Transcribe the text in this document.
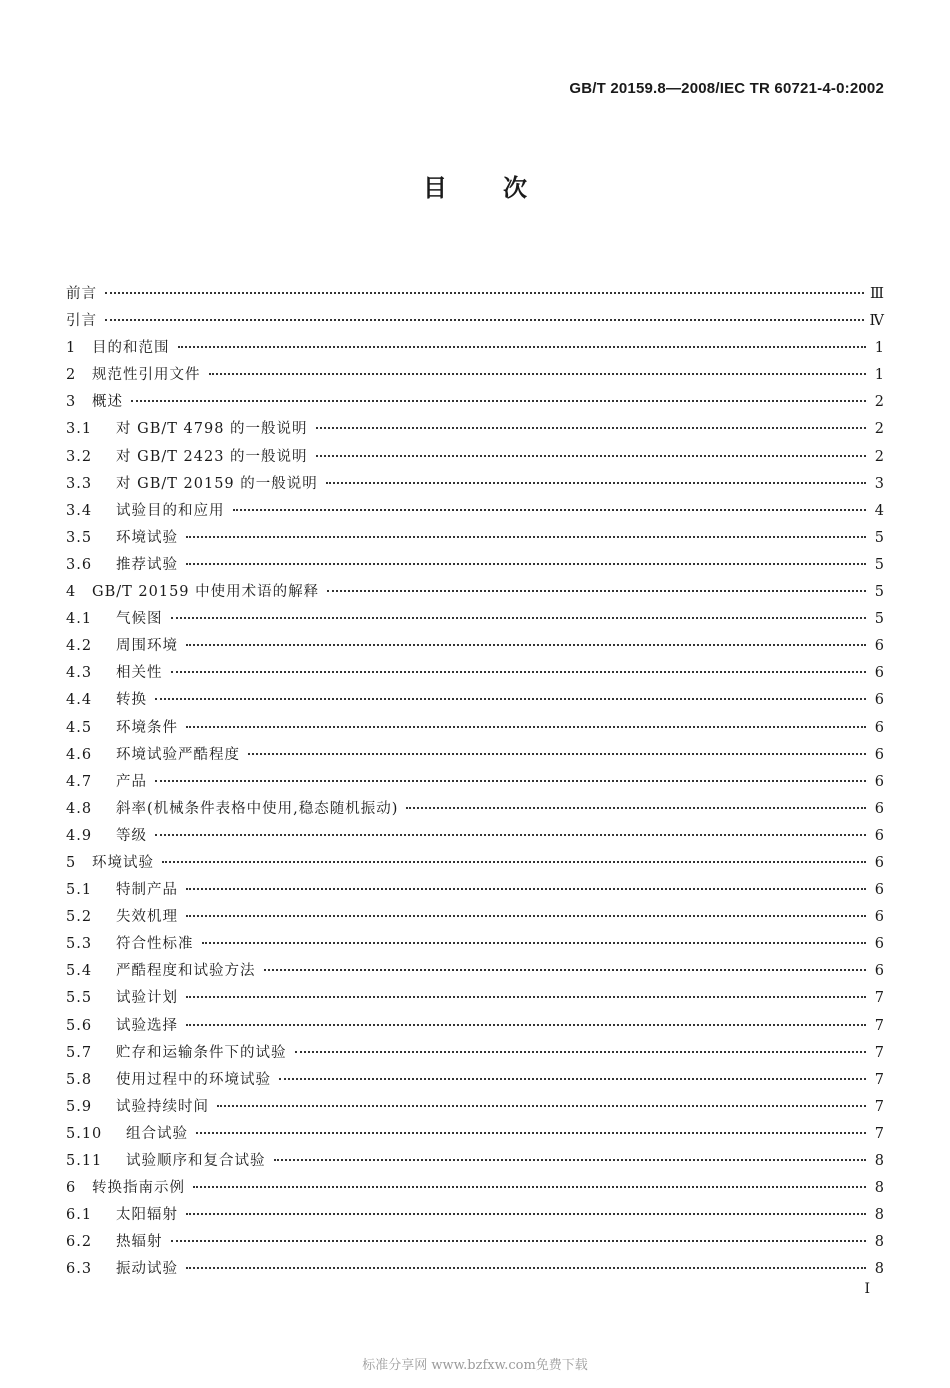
GB/T 20159.8—2008/IEC TR 60721-4-0:2002
目次
前言	Ⅲ
引言	Ⅳ
1	目的和范围	1
2	规范性引用文件	1
3	概述	2
3.1	对 GB/T 4798 的一般说明	2
3.2	对 GB/T 2423 的一般说明	2
3.3	对 GB/T 20159 的一般说明	3
3.4	试验目的和应用	4
3.5	环境试验	5
3.6	推荐试验	5
4	GB/T 20159 中使用术语的解释	5
4.1	气候图	5
4.2	周围环境	6
4.3	相关性	6
4.4	转换	6
4.5	环境条件	6
4.6	环境试验严酷程度	6
4.7	产品	6
4.8	斜率(机械条件表格中使用,稳态随机振动)	6
4.9	等级	6
5	环境试验	6
5.1	特制产品	6
5.2	失效机理	6
5.3	符合性标准	6
5.4	严酷程度和试验方法	6
5.5	试验计划	7
5.6	试验选择	7
5.7	贮存和运输条件下的试验	7
5.8	使用过程中的环境试验	7
5.9	试验持续时间	7
5.10	组合试验	7
5.11	试验顺序和复合试验	8
6	转换指南示例	8
6.1	太阳辐射	8
6.2	热辐射	8
6.3	振动试验	8
I
标准分享网 www.bzfxw.com免费下载
